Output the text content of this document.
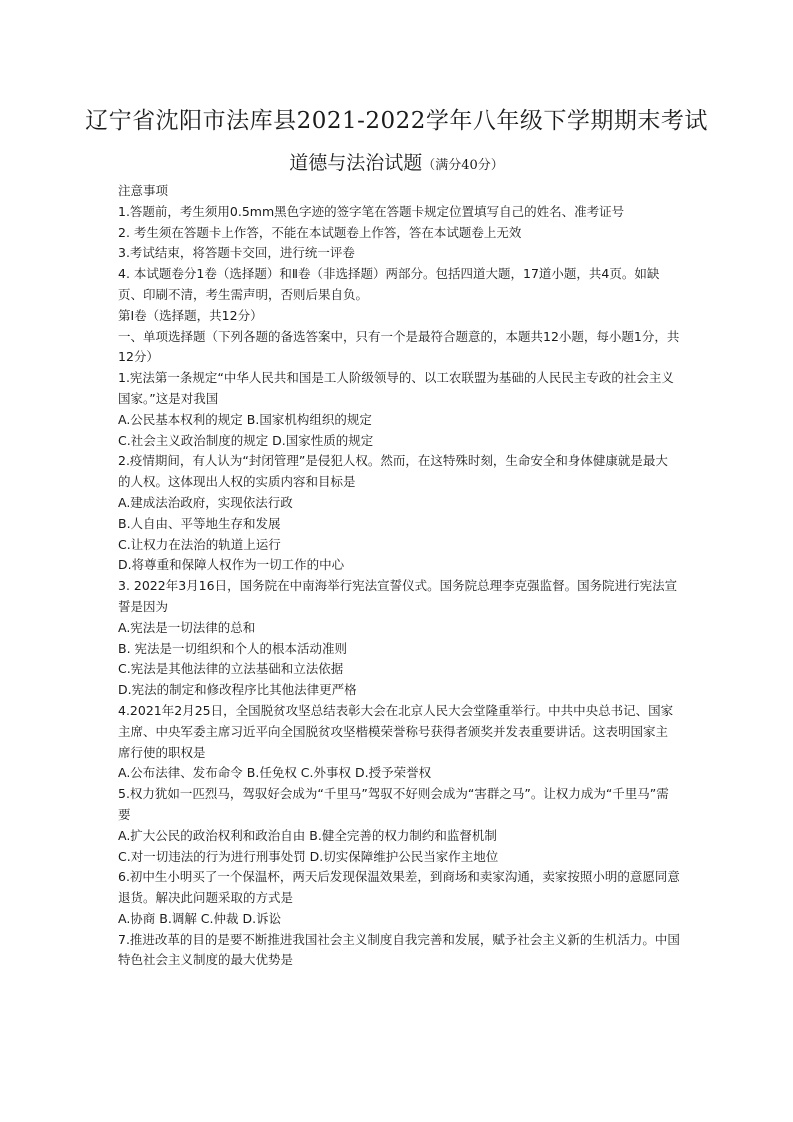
辽宁省沈阳市法库县2021-2022学年八年级下学期期末考试
道德与法治试题（满分40分）

注意事项

1.答题前，考生须用0.5mm黑色字迹的签字笔在答题卡规定位置填写自己的姓名、准考证号

2. 考生须在答题卡上作答，不能在本试题卷上作答，答在本试题卷上无效

3.考试结束，将答题卡交回，进行统一评卷

4. 本试题卷分1卷（选择题）和Ⅱ卷（非选择题）两部分。包括四道大题，17道小题，共4页。如缺页、印刷不清，考生需声明，否则后果自负。

第Ⅰ卷（选择题，共12分）

一、单项选择题（下列各题的备选答案中，只有一个是最符合题意的，本题共12小题，每小题1分，共12分）

1.宪法第一条规定“中华人民共和国是工人阶级领导的、以工农联盟为基础的人民民主专政的社会主义国家。”这是对我国

A.公民基本权利的规定 B.国家机构组织的规定

C.社会主义政治制度的规定 D.国家性质的规定

2.疫情期间，有人认为“封闭管理”是侵犯人权。然而，在这特殊时刻，生命安全和身体健康就是最大的人权。这体现出人权的实质内容和目标是

A.建成法治政府，实现依法行政

B.人自由、平等地生存和发展

C.让权力在法治的轨道上运行

D.将尊重和保障人权作为一切工作的中心

3. 2022年3月16日，国务院在中南海举行宪法宣誓仪式。国务院总理李克强监督。国务院进行宪法宣誓是因为

A.宪法是一切法律的总和

B. 宪法是一切组织和个人的根本活动准则

C.宪法是其他法律的立法基础和立法依据

D.宪法的制定和修改程序比其他法律更严格

4.2021年2月25日，全国脱贫攻坚总结表彰大会在北京人民大会堂隆重举行。中共中央总书记、国家主席、中央军委主席习近平向全国脱贫攻坚楷模荣誉称号获得者颁奖并发表重要讲话。这表明国家主席行使的职权是

A.公布法律、发布命令 B.任免权 C.外事权 D.授予荣誉权

5.权力犹如一匹烈马，驾驭好会成为“千里马”驾驭不好则会成为“害群之马”。让权力成为“千里马”需要

A.扩大公民的政治权利和政治自由 B.健全完善的权力制约和监督机制

C.对一切违法的行为进行刑事处罚 D.切实保障维护公民当家作主地位

6.初中生小明买了一个保温杯，两天后发现保温效果差，到商场和卖家沟通，卖家按照小明的意愿同意退货。解决此问题采取的方式是

A.协商 B.调解 C.仲裁 D.诉讼

7.推进改革的目的是要不断推进我国社会主义制度自我完善和发展，赋予社会主义新的生机活力。中国特色社会主义制度的最大优势是
